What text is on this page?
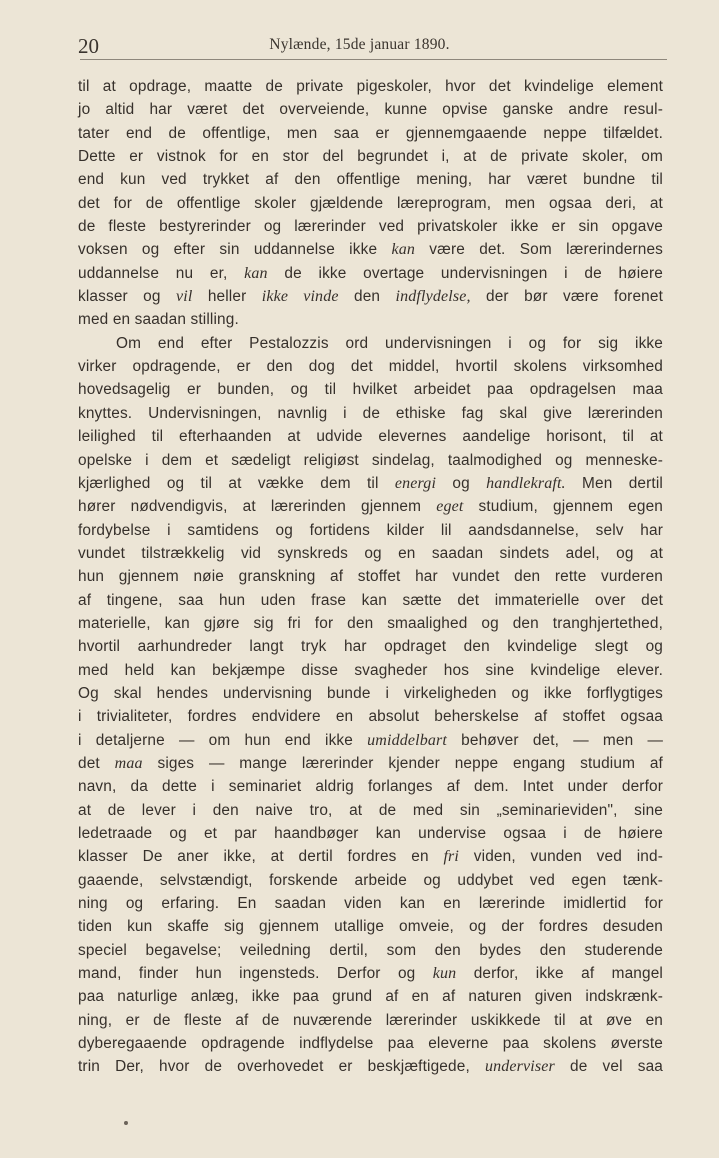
20	Nylænde, 15de januar 1890.
til at opdrage, maatte de private pigeskoler, hvor det kvindelige element
jo altid har været det overveiende, kunne opvise ganske andre resul-
tater end de offentlige, men saa er gjennemgaaende neppe tilfældet.
Dette er vistnok for en stor del begrundet i, at de private skoler, om
end kun ved trykket af den offentlige mening, har været bundne til
det for de offentlige skoler gjældende læreprogram, men ogsaa deri, at
de fleste bestyrerinder og lærerinder ved privatskoler ikke er sin opgave
voksen og efter sin uddannelse ikke kan være det. Som lærerindernes
uddannelse nu er, kan de ikke overtage undervisningen i de høiere
klasser og vil heller ikke vinde den indflydelse, der bør være forenet
med en saadan stilling.
Om end efter Pestalozzis ord undervisningen i og for sig ikke
virker opdragende, er den dog det middel, hvortil skolens virksomhed
hovedsagelig er bunden, og til hvilket arbeidet paa opdragelsen maa
knyttes. Undervisningen, navnlig i de ethiske fag skal give lærerinden
leilighed til efterhaanden at udvide elevernes aandelige horisont, til at
opelske i dem et sædeligt religiøst sindelag, taalmodighed og menneske-
kjærlighed og til at vække dem til energi og handlekraft. Men dertil
hører nødvendigvis, at lærerinden gjennem eget studium, gjennem egen
fordybelse i samtidens og fortidens kilder lil aandsdannelse, selv har
vundet tilstrækkelig vid synskreds og en saadan sindets adel, og at
hun gjennem nøie granskning af stoffet har vundet den rette vurderen
af tingene, saa hun uden frase kan sætte det immaterielle over det
materielle, kan gjøre sig fri for den smaalighed og den tranghjertethed,
hvortil aarhundreder langt tryk har opdraget den kvindelige slegt og
med held kan bekjæmpe disse svagheder hos sine kvindelige elever.
Og skal hendes undervisning bunde i virkeligheden og ikke forflygtiges
i trivialiteter, fordres endvidere en absolut beherskelse af stoffet ogsaa
i detaljerne — om hun end ikke umiddelbart behøver det, — men —
det maa siges — mange lærerinder kjender neppe engang studium af
navn, da dette i seminariet aldrig forlanges af dem. Intet under derfor
at de lever i den naive tro, at de med sin „seminarieviden", sine
ledetraade og et par haandbøger kan undervise ogsaa i de høiere
klasser De aner ikke, at dertil fordres en fri viden, vunden ved ind-
gaaende, selvstændigt, forskende arbeide og uddybet ved egen tænk-
ning og erfaring. En saadan viden kan en lærerinde imidlertid for
tiden kun skaffe sig gjennem utallige omveie, og der fordres desuden
speciel begavelse; veiledning dertil, som den bydes den studerende
mand, finder hun ingensteds. Derfor og kun derfor, ikke af mangel
paa naturlige anlæg, ikke paa grund af en af naturen given indskrænk-
ning, er de fleste af de nuværende lærerinder uskikkede til at øve en
dyberegaaende opdragende indflydelse paa eleverne paa skolens øverste
trin Der, hvor de overhovedet er beskjæftigede, underviser de vel saa
